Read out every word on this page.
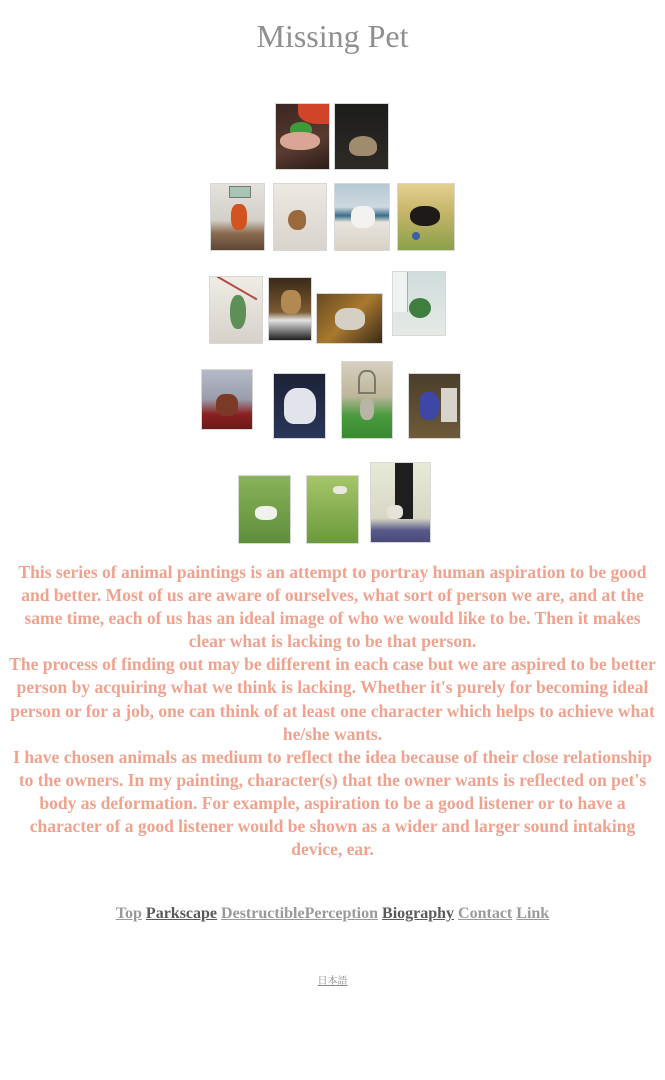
Missing Pet

This series of animal paintings is an attempt to portray human aspiration to be good and better. Most of us are aware of ourselves, what sort of person we are, and at the same time, each of us has an ideal image of who we would like to be. Then it makes clear what is lacking to be that person.

The process of finding out may be different in each case but we are aspired to be better person by acquiring what we think is lacking. Whether it's purely for becoming ideal person or for a job, one can think of at least one character which helps to achieve what he/she wants.

I have chosen animals as medium to reflect the idea because of their close relationship to the owners. In my painting, character(s) that the owner wants is reflected on pet's body as deformation. For example, aspiration to be a good listener or to have a character of a good listener would be shown as a wider and larger sound intaking device, ear.

Top Parkscape DestructiblePerception Biography Contact Link
日本語
